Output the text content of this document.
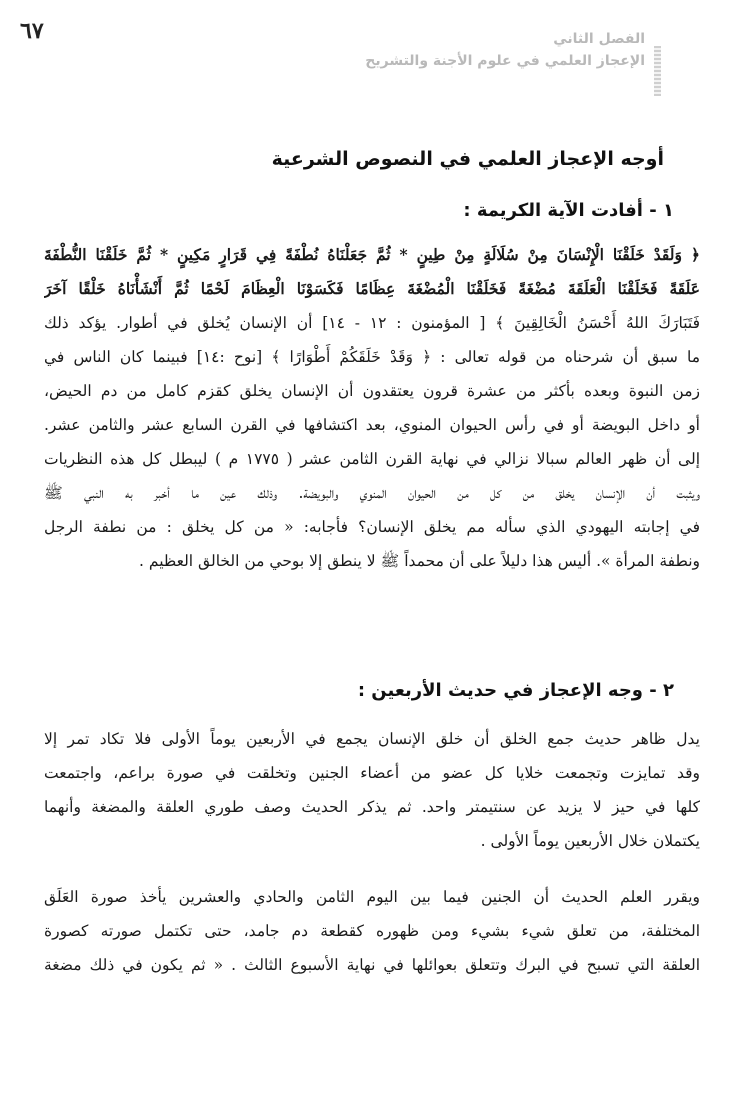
٦٧	الفصل الثاني
الإعجاز العلمي في علوم الأجنة والتشريح
أوجه الإعجاز العلمي في النصوص الشرعية
١ - أفادت الآية الكريمة :
﴿ وَلَقَدْ خَلَقْنَا الْإِنْسَانَ مِنْ سُلَالَةٍ مِنْ طِينٍ * ثُمَّ جَعَلْنَاهُ نُطْفَةً فِي قَرَارٍ مَكِينٍ * ثُمَّ خَلَقْنَا النُّطْفَةَ
عَلَقَةً فَخَلَقْنَا الْعَلَقَةَ مُضْغَةً فَخَلَقْنَا الْمُضْغَةَ عِظَامًا فَكَسَوْنَا الْعِظَامَ لَحْمًا ثُمَّ أَنْشَأْنَاهُ خَلْقًا آخَرَ
فَتَبَارَكَ اللهُ أَحْسَنُ الْخَالِقِينَ ﴾ [ المؤمنون : ١٢ - ١٤] أن الإنسان يُخلق في أطوار. يؤكد ذلك
ما سبق أن شرحناه من قوله تعالى : ﴿ وَقَدْ خَلَقَكُمْ أَطْوَارًا ﴾ [نوح :١٤] فبينما كان الناس في
زمن النبوة وبعده بأكثر من عشرة قرون يعتقدون أن الإنسان يخلق كقزم كامل من دم الحيض،
أو داخل البويضة أو في رأس الحيوان المنوي، بعد اكتشافها في القرن السابع عشر والثامن عشر.
إلى أن ظهر العالم سبالا نزالي في نهاية القرن الثامن عشر ( ١٧٧٥ م ) ليبطل كل هذه النظريات
ويثبت أن الإنسان يخلق من كل من الحيوان المنوي والبويضة. وذلك عين ما أخبر به النبي ﷺ
في إجابته اليهودي الذي سأله مم يخلق الإنسان؟ فأجابه: « من كل يخلق : من نطفة الرجل
ونطفة المرأة ». أليس هذا دليلاً على أن محمداً ﷺ لا ينطق إلا بوحي من الخالق العظيم .
٢ - وجه الإعجاز في حديث الأربعين :
يدل ظاهر حديث جمع الخلق أن خلق الإنسان يجمع في الأربعين يوماً الأولى فلا تكاد تمر إلا
وقد تمايزت وتجمعت خلايا كل عضو من أعضاء الجنين وتخلقت في صورة براعم، واجتمعت
كلها في حيز لا يزيد عن سنتيمتر واحد. ثم يذكر الحديث وصف طوري العلقة والمضغة وأنهما
يكتملان خلال الأربعين يوماً الأولى .
ويقرر العلم الحديث أن الجنين فيما بين اليوم الثامن والحادي والعشرين يأخذ صورة العَلَق
المختلفة، من تعلق شيء بشيء ومن ظهوره كقطعة دم جامد، حتى تكتمل صورته كصورة
العلقة التي تسبح في البرك وتتعلق بعوائلها في نهاية الأسبوع الثالث . « ثم يكون في ذلك مضغة
